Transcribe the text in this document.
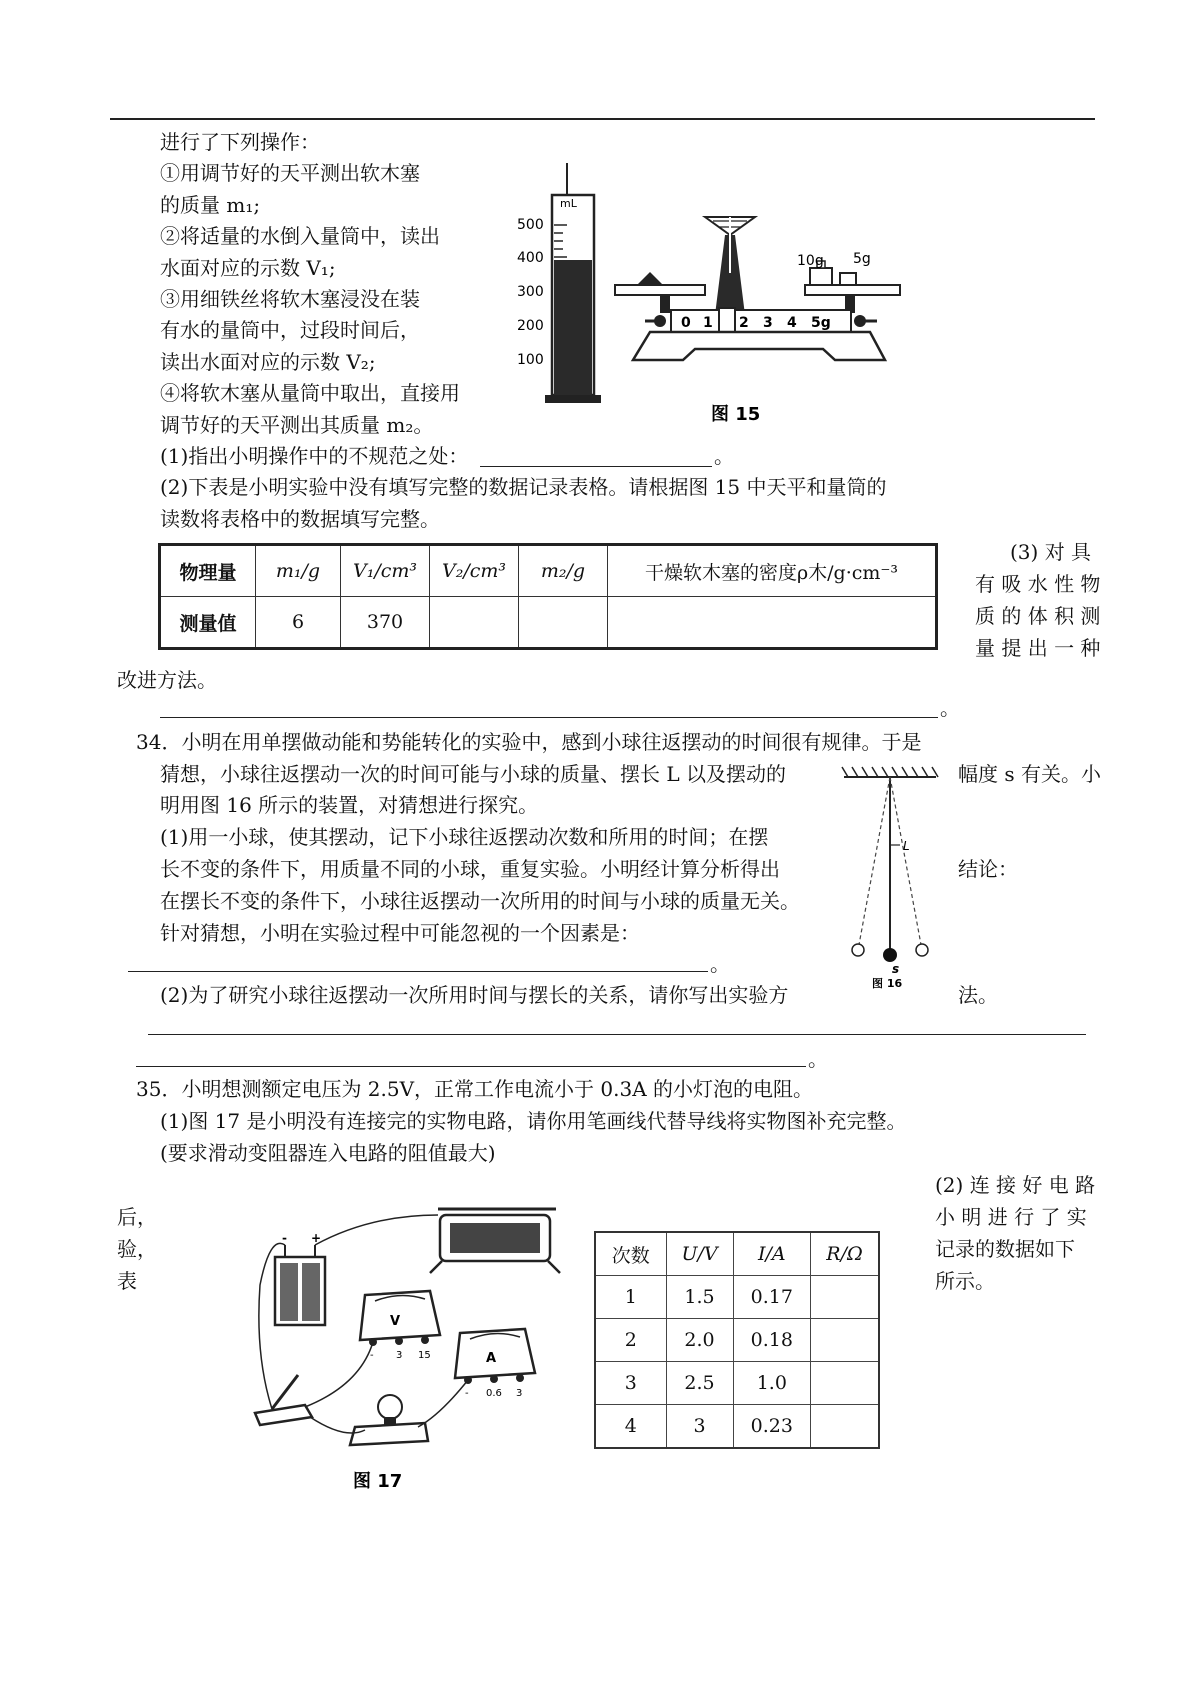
进行了下列操作：
①用调节好的天平测出软木塞
的质量 m₁;
②将适量的水倒入量筒中，读出
水面对应的示数 V₁;
③用细铁丝将软木塞浸没在装
有水的量筒中，过段时间后，
读出水面对应的示数 V₂;
④将软木塞从量筒中取出，直接用
调节好的天平测出其质量 m₂。
mL
500
400
300
200
100
10g 5g
0 1 2 3 4 5g
图 15
(1)指出小明操作中的不规范之处：	。
(2)下表是小明实验中没有填写完整的数据记录表格。请根据图 15 中天平和量筒的
读数将表格中的数据填写完整。
物理量	m₁/g	V₁/cm³	V₂/cm³	m₂/g	干燥软木塞的密度ρ木/g·cm⁻³
测量值	6	370			
(3) 对 具
有 吸 水 性 物
质 的 体 积 测
量 提 出 一 种
改进方法。
。
34．小明在用单摆做动能和势能转化的实验中，感到小球往返摆动的时间很有规律。于是
猜想，小球往返摆动一次的时间可能与小球的质量、摆长 L 以及摆动的	幅度 s 有关。小
明用图 16 所示的装置，对猜想进行探究。
(1)用一小球，使其摆动，记下小球往返摆动次数和所用的时间；在摆
长不变的条件下，用质量不同的小球，重复实验。小明经计算分析得出	结论：
在摆长不变的条件下，小球往返摆动一次所用的时间与小球的质量无关。
针对猜想，小明在实验过程中可能忽视的一个因素是：
。
L
s
图 16
(2)为了研究小球往返摆动一次所用时间与摆长的关系，请你写出实验方	法。
。
35．小明想测额定电压为 2.5V，正常工作电流小于 0.3A 的小灯泡的电阻。
(1)图 17 是小明没有连接完的实物电路，请你用笔画线代替导线将实物图补充完整。
(要求滑动变阻器连入电路的阻值最大)
(2) 连 接 好 电 路
小 明 进 行 了 实
记录的数据如下
所示。
后，
验，
表
- +
V
- 3 15	A
- 0.6 3
图 17
次数	U/V	I/A	R/Ω
1	1.5	0.17	
2	2.0	0.18	
3	2.5	1.0	
4	3	0.23	
